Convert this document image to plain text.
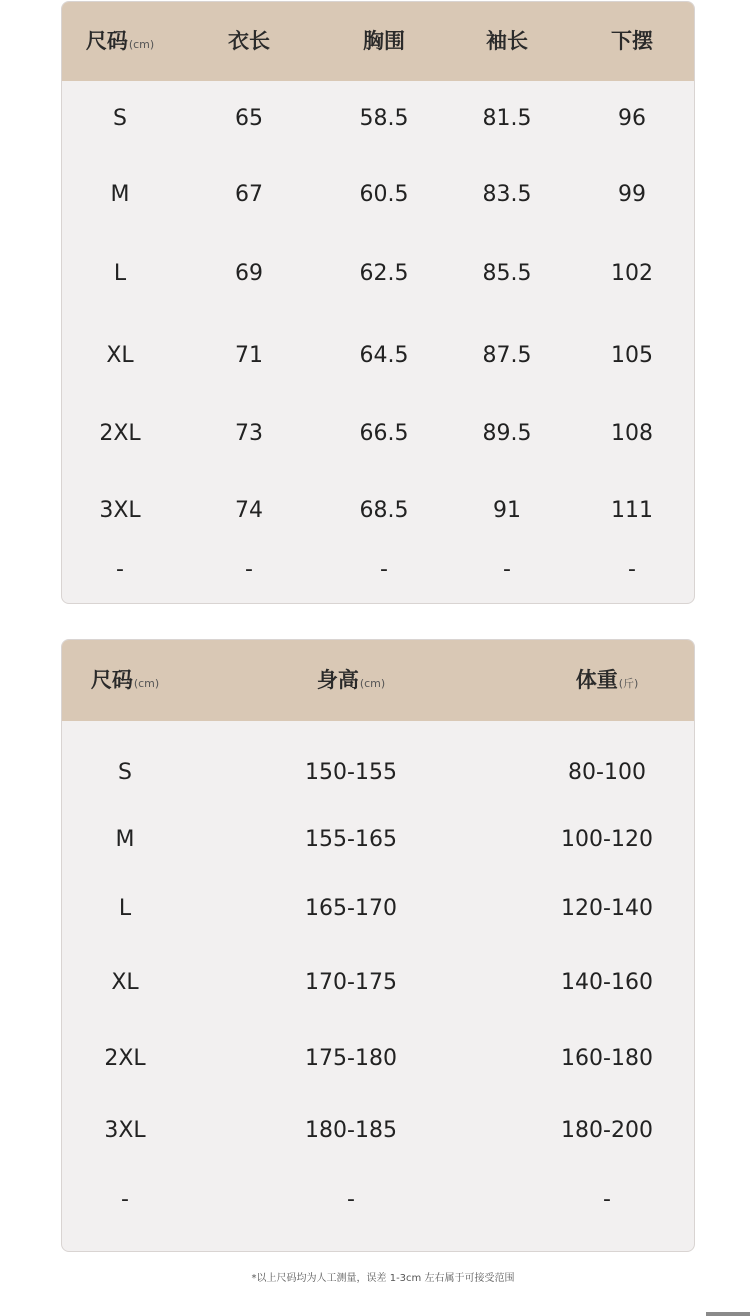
尺码 (cm)	衣长	胸围	袖长	下摆
S	65	58.5	81.5	96
M	67	60.5	83.5	99
L	69	62.5	85.5	102
XL	71	64.5	87.5	105
2XL	73	66.5	89.5	108
3XL	74	68.5	91	111
-	-	-	-	-
尺码 (cm)	身高 (cm)	体重 (斤)
S	150-155	80-100
M	155-165	100-120
L	165-170	120-140
XL	170-175	140-160
2XL	175-180	160-180
3XL	180-185	180-200
-	-	-
*以上尺码均为人工测量，误差 1-3cm 左右属于可接受范围
